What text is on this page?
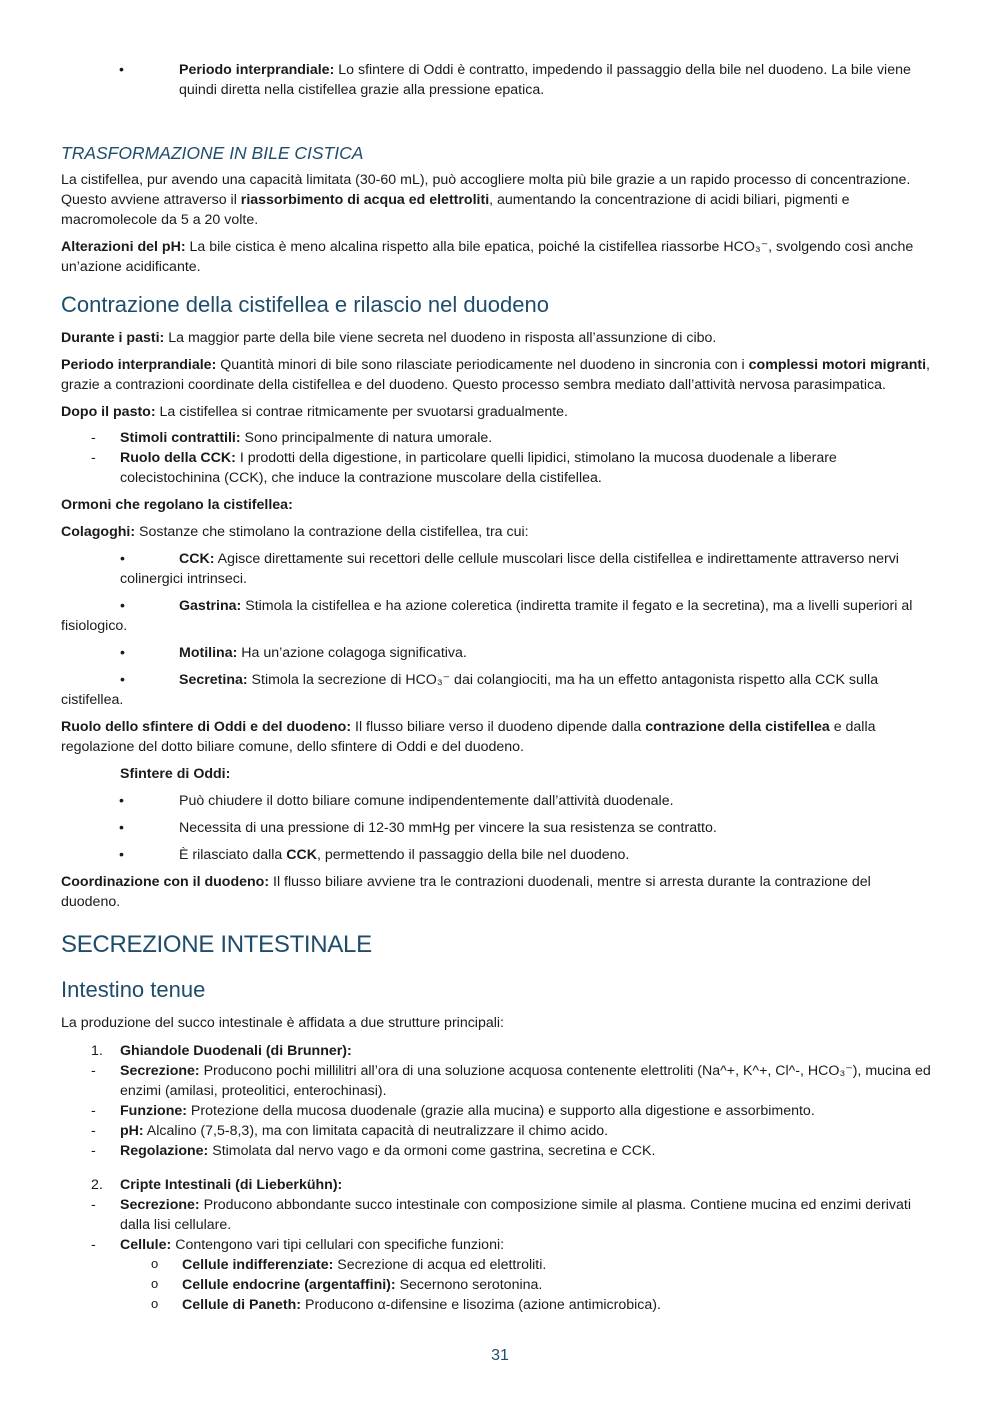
•	Periodo interprandiale: Lo sfintere di Oddi è contratto, impedendo il passaggio della bile nel duodeno. La bile viene quindi diretta nella cistifellea grazie alla pressione epatica.
TRASFORMAZIONE IN BILE CISTICA

La cistifellea, pur avendo una capacità limitata (30-60 mL), può accogliere molta più bile grazie a un rapido processo di concentrazione. Questo avviene attraverso il riassorbimento di acqua ed elettroliti, aumentando la concentrazione di acidi biliari, pigmenti e macromolecole da 5 a 20 volte.

Alterazioni del pH: La bile cistica è meno alcalina rispetto alla bile epatica, poiché la cistifellea riassorbe HCO₃⁻, svolgendo così anche un’azione acidificante.

Contrazione della cistifellea e rilascio nel duodeno

Durante i pasti: La maggior parte della bile viene secreta nel duodeno in risposta all’assunzione di cibo.

Periodo interprandiale: Quantità minori di bile sono rilasciate periodicamente nel duodeno in sincronia con i complessi motori migranti, grazie a contrazioni coordinate della cistifellea e del duodeno. Questo processo sembra mediato dall’attività nervosa parasimpatica.

Dopo il pasto: La cistifellea si contrae ritmicamente per svuotarsi gradualmente.

- Stimoli contrattili: Sono principalmente di natura umorale.
- Ruolo della CCK: I prodotti della digestione, in particolare quelli lipidici, stimolano la mucosa duodenale a liberare colecistochinina (CCK), che induce la contrazione muscolare della cistifellea.

Ormoni che regolano la cistifellea:

Colagoghi: Sostanze che stimolano la contrazione della cistifellea, tra cui:

•	CCK: Agisce direttamente sui recettori delle cellule muscolari lisce della cistifellea e indirettamente attraverso nervi colinergici intrinseci.
•	Gastrina: Stimola la cistifellea e ha azione coleretica (indiretta tramite il fegato e la secretina), ma a livelli superiori al fisiologico.
•	Motilina: Ha un’azione colagoga significativa.
•	Secretina: Stimola la secrezione di HCO₃⁻ dai colangiociti, ma ha un effetto antagonista rispetto alla CCK sulla cistifellea.

Ruolo dello sfintere di Oddi e del duodeno: Il flusso biliare verso il duodeno dipende dalla contrazione della cistifellea e dalla regolazione del dotto biliare comune, dello sfintere di Oddi e del duodeno.

Sfintere di Oddi:

•	Può chiudere il dotto biliare comune indipendentemente dall’attività duodenale.
•	Necessita di una pressione di 12-30 mmHg per vincere la sua resistenza se contratto.
•	È rilasciato dalla CCK, permettendo il passaggio della bile nel duodeno.

Coordinazione con il duodeno: Il flusso biliare avviene tra le contrazioni duodenali, mentre si arresta durante la contrazione del duodeno.

SECREZIONE INTESTINALE
Intestino tenue

La produzione del succo intestinale è affidata a due strutture principali:

1. Ghiandole Duodenali (di Brunner):
- Secrezione: Producono pochi millilitri all’ora di una soluzione acquosa contenente elettroliti (Na^+, K^+, Cl^-, HCO₃⁻), mucina ed enzimi (amilasi, proteolitici, enterochinasi).
- Funzione: Protezione della mucosa duodenale (grazie alla mucina) e supporto alla digestione e assorbimento.
- pH: Alcalino (7,5-8,3), ma con limitata capacità di neutralizzare il chimo acido.
- Regolazione: Stimolata dal nervo vago e da ormoni come gastrina, secretina e CCK.
2. Cripte Intestinali (di Lieberkühn):
- Secrezione: Producono abbondante succo intestinale con composizione simile al plasma. Contiene mucina ed enzimi derivati dalla lisi cellulare.
- Cellule: Contengono vari tipi cellulari con specifiche funzioni:
o Cellule indifferenziate: Secrezione di acqua ed elettroliti.
o Cellule endocrine (argentaffini): Secernono serotonina.
o Cellule di Paneth: Producono α-difensine e lisozima (azione antimicrobica).
31
